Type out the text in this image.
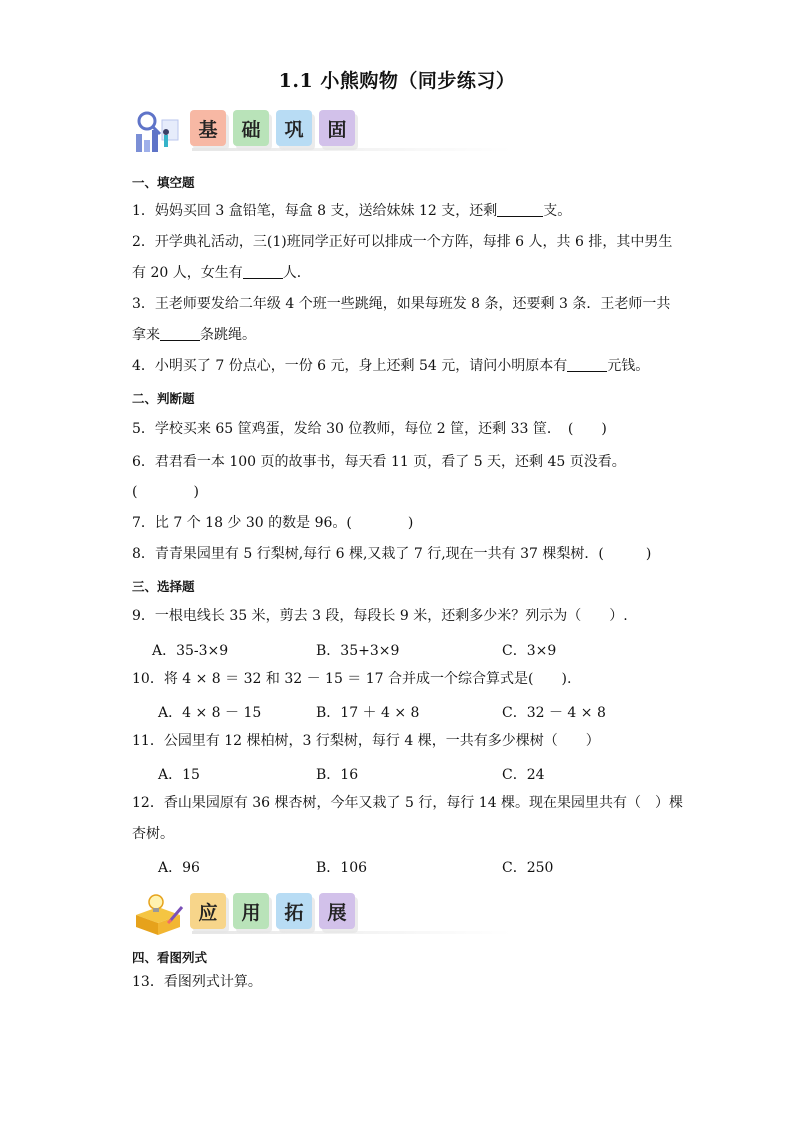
1.1 小熊购物（同步练习）
基 础 巩 固
一、填空题
1．妈妈买回 3 盒铅笔，每盒 8 支，送给妹妹 12 支，还剩	支。
2．开学典礼活动，三(1)班同学正好可以排成一个方阵，每排 6 人，共 6 排，其中男生
有 20 人，女生有	人．
3．王老师要发给二年级 4 个班一些跳绳，如果每班发 8 条，还要剩 3 条．王老师一共
拿来	条跳绳。
4．小明买了 7 份点心，一份 6 元，身上还剩 54 元，请问小明原本有	元钱。
二、判断题
5．学校买来 65 筐鸡蛋，发给 30 位教师，每位 2 筐，还剩 33 筐．　(　　)
6．君君看一本 100 页的故事书，每天看 11 页，看了 5 天，还剩 45 页没看。
(　　　　)
7．比 7 个 18 少 30 的数是 96。(　　　　)
8．青青果园里有 5 行梨树,每行 6 棵,又栽了 7 行,现在一共有 37 棵梨树．(　　　)
三、选择题
9．一根电线长 35 米，剪去 3 段，每段长 9 米，还剩多少米？列示为（　　）.
A．35-3×9	B．35+3×9	C．3×9
10．将 4 × 8 ＝ 32 和 32 － 15 ＝ 17 合并成一个综合算式是(　　).
A．4 × 8 － 15	B．17 ＋ 4 × 8	C．32 － 4 × 8
11．公园里有 12 棵柏树，3 行梨树，每行 4 棵，一共有多少棵树（　　）
A．15	B．16	C．24
12．香山果园原有 36 棵杏树，今年又栽了 5 行，每行 14 棵。现在果园里共有（　）棵
杏树。
A．96	B．106	C．250
应 用 拓 展
四、看图列式
13．看图列式计算。
